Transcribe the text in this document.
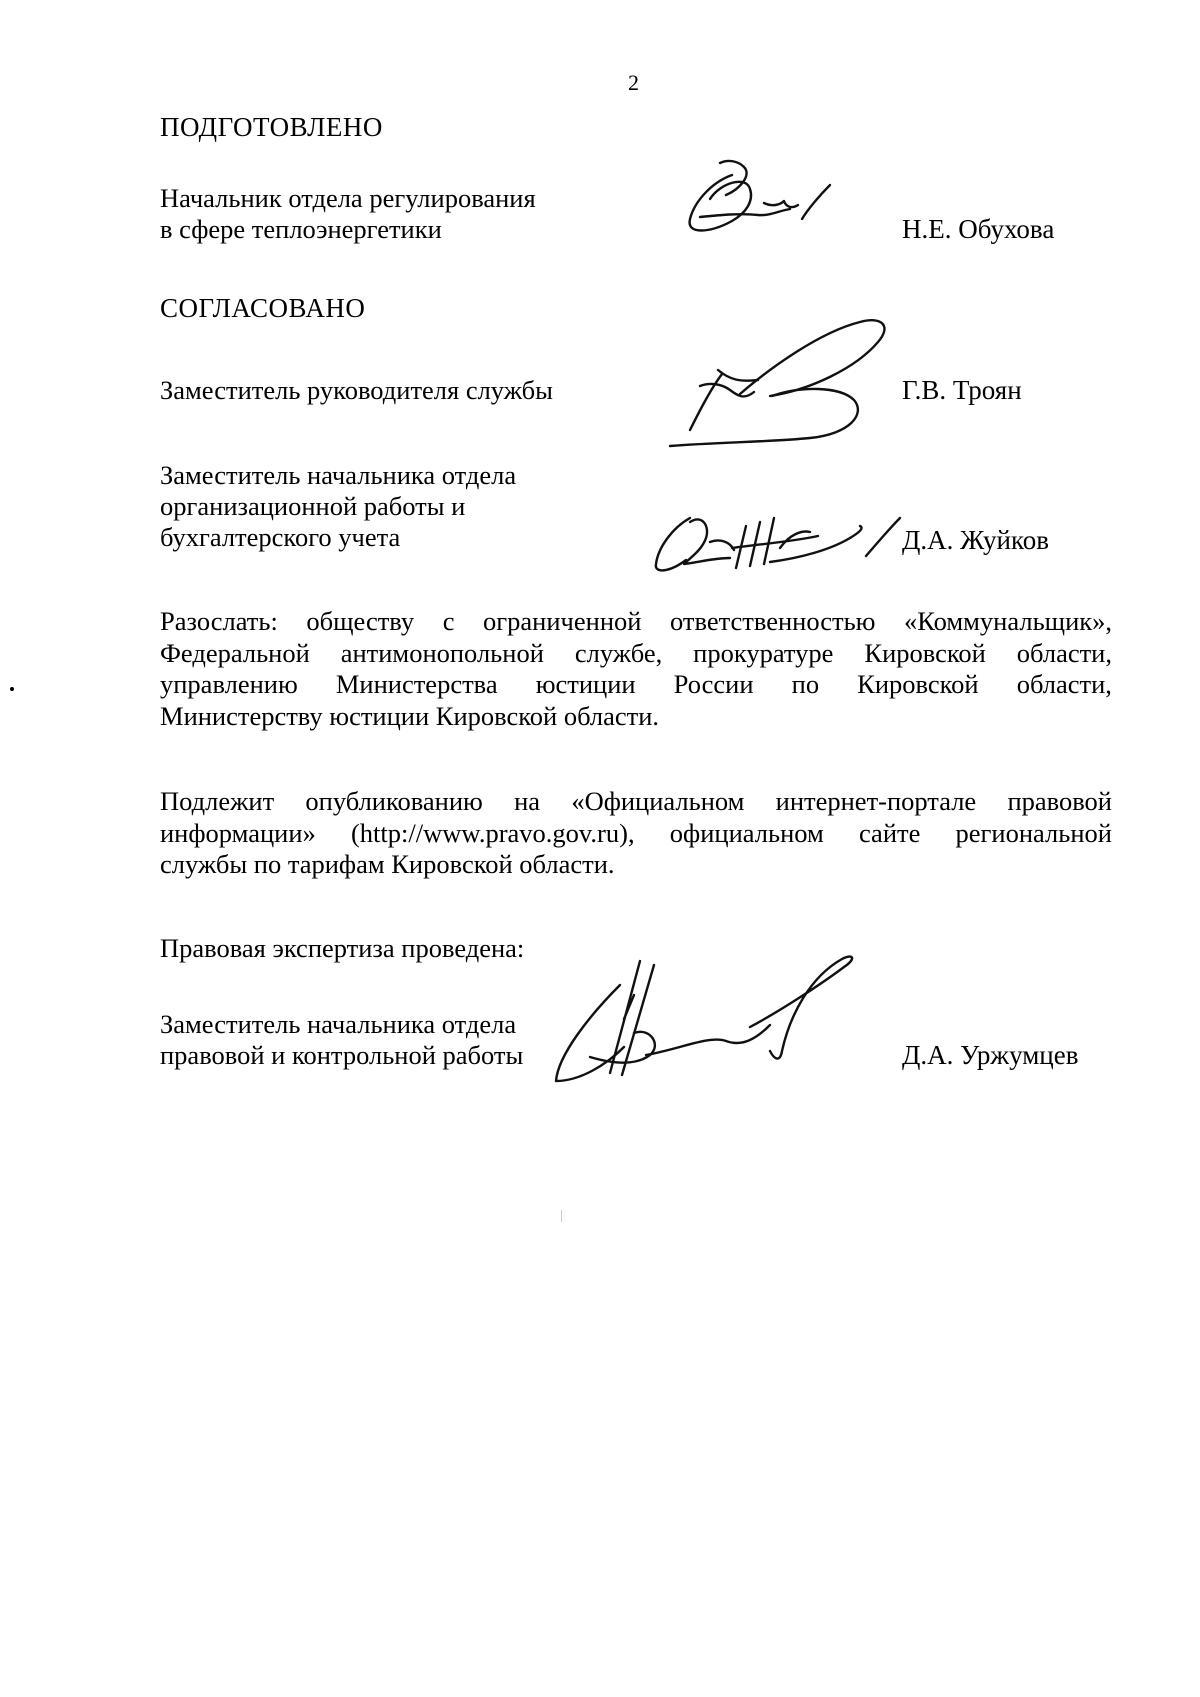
2
ПОДГОТОВЛЕНО
Начальник отдела регулирования
в сфере теплоэнергетики	Н.Е. Обухова
СОГЛАСОВАНО
Заместитель руководителя службы	Г.В. Троян
Заместитель начальника отдела
организационной работы и
бухгалтерского учета	Д.А. Жуйков
Разослать: обществу с ограниченной ответственностью «Коммунальщик»,
Федеральной антимонопольной службе, прокуратуре Кировской области,
управлению Министерства юстиции России по Кировской области,
Министерству юстиции Кировской области.
Подлежит опубликованию на «Официальном интернет-портале правовой
информации» (http://www.pravo.gov.ru), официальном сайте региональной
службы по тарифам Кировской области.
Правовая экспертиза проведена:
Заместитель начальника отдела
правовой и контрольной работы	Д.А. Уржумцев
